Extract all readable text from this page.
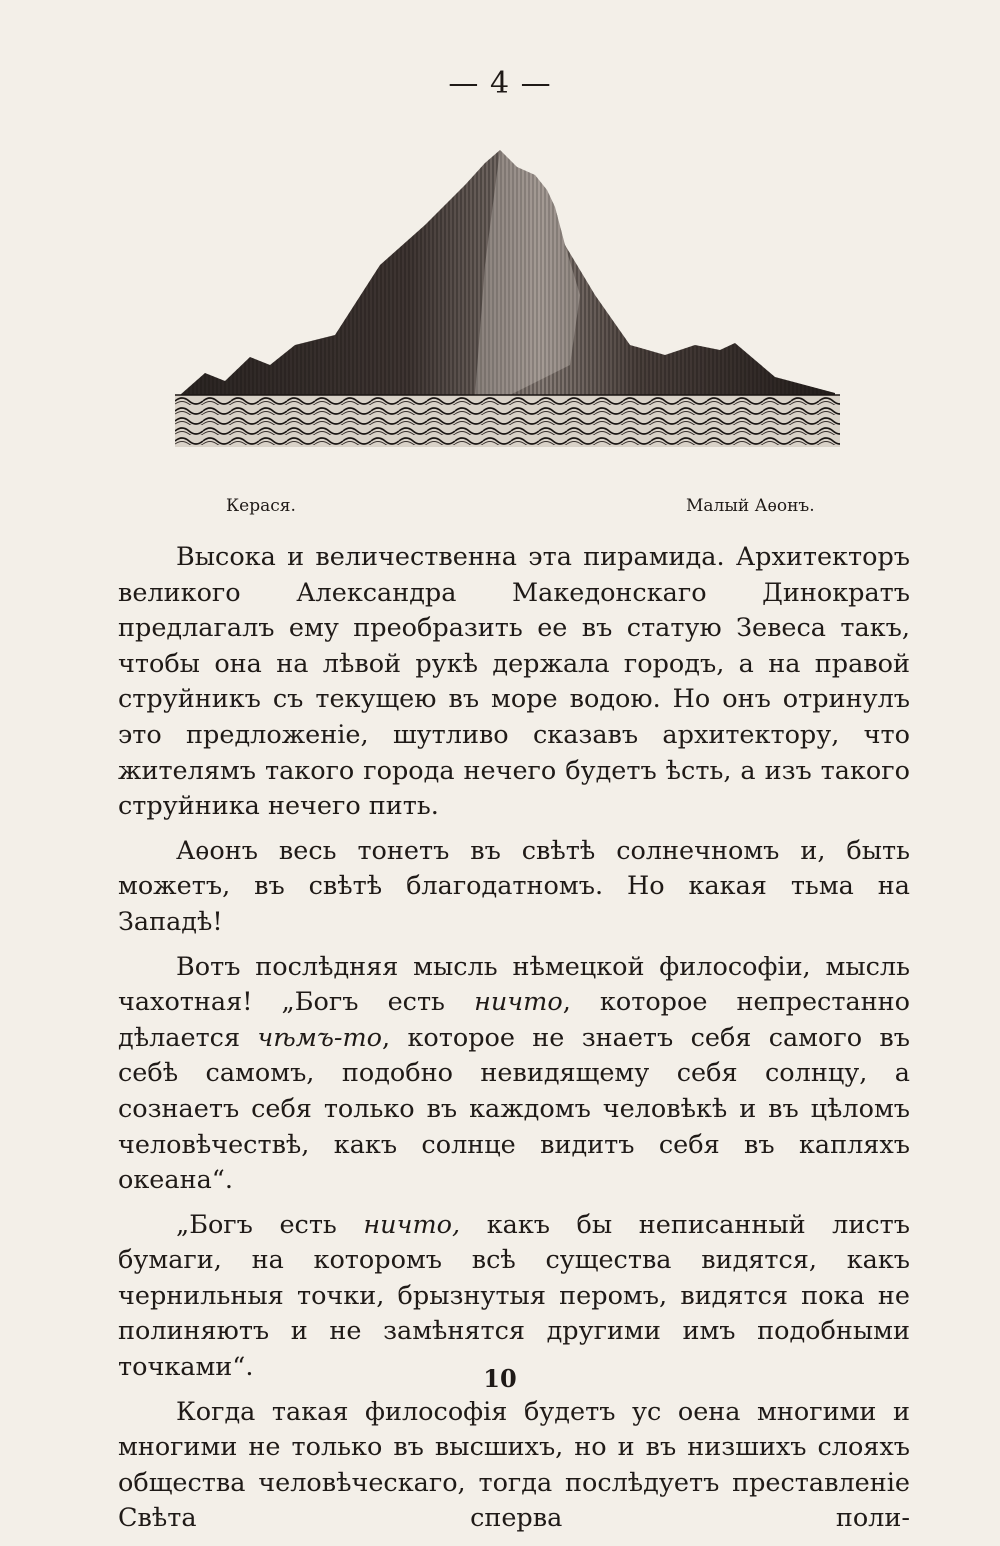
— 4 —
Керася.	Малый Аѳонъ.

Высока и величественна эта пирамида. Архитекторъ великого Александра Македонскаго Динократъ предлагалъ ему преобразить ее въ статую Зевеса такъ, чтобы она на лѣвой рукѣ держала городъ, а на правой струйникъ съ текущею въ море водою. Но онъ отринулъ это предложеніе, шутливо сказавъ архитектору, что жителямъ такого города нечего будетъ ѣсть, а изъ такого струйника нечего пить.

Аѳонъ весь тонетъ въ свѣтѣ солнечномъ и, быть можетъ, въ свѣтѣ благодатномъ. Но какая тьма на Западѣ!

Вотъ послѣдняя мысль нѣмецкой философіи, мысль чахотная! „Богъ есть ничто, которое непрестанно дѣлается чѣмъ-то, которое не знаетъ себя самого въ себѣ самомъ, подобно невидящему себя солнцу, а сознаетъ себя только въ каждомъ человѣкѣ и въ цѣломъ человѣчествѣ, какъ солнце видитъ себя въ капляхъ океана“.

„Богъ есть ничто, какъ бы неписанный листъ бумаги, на которомъ всѣ существа видятся, какъ чернильныя точки, брызнутыя перомъ, видятся пока не полиняютъ и не замѣнятся другими имъ подобными точками“.

Когда такая философія будетъ ус оена многими и многими не только въ высшихъ, но и въ низшихъ слояхъ общества человѣческаго, тогда послѣдуетъ преставленіе Свѣта сперва поли-

10
